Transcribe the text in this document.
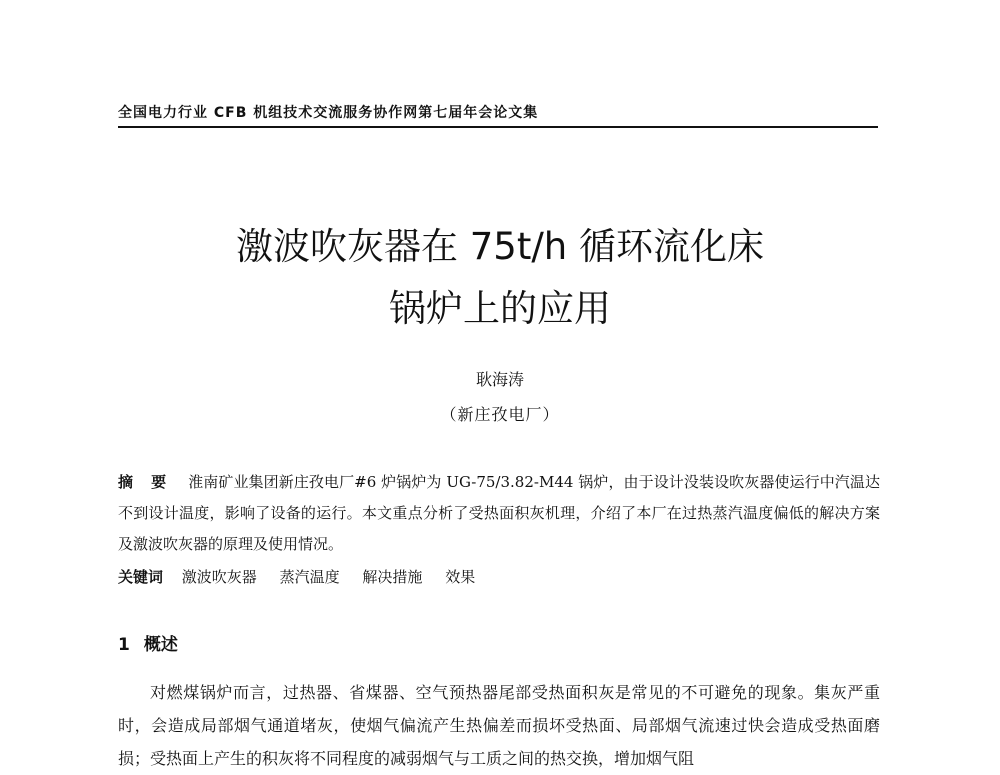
全国电力行业 CFB 机组技术交流服务协作网第七届年会论文集
激波吹灰器在 75t/h 循环流化床
锅炉上的应用
耿海涛
（新庄孜电厂）
摘要 淮南矿业集团新庄孜电厂#6 炉锅炉为 UG-75/3.82-M44 锅炉，由于设计没装设吹灰器使运行中汽温达不到设计温度，影响了设备的运行。本文重点分析了受热面积灰机理，介绍了本厂在过热蒸汽温度偏低的解决方案及激波吹灰器的原理及使用情况。
关键词 激波吹灰器 蒸汽温度 解决措施 效果
1 概述
对燃煤锅炉而言，过热器、省煤器、空气预热器尾部受热面积灰是常见的不可避免的现象。集灰严重时，会造成局部烟气通道堵灰，使烟气偏流产生热偏差而损坏受热面、局部烟气流速过快会造成受热面磨损；受热面上产生的积灰将不同程度的减弱烟气与工质之间的热交换，增加烟气阻
